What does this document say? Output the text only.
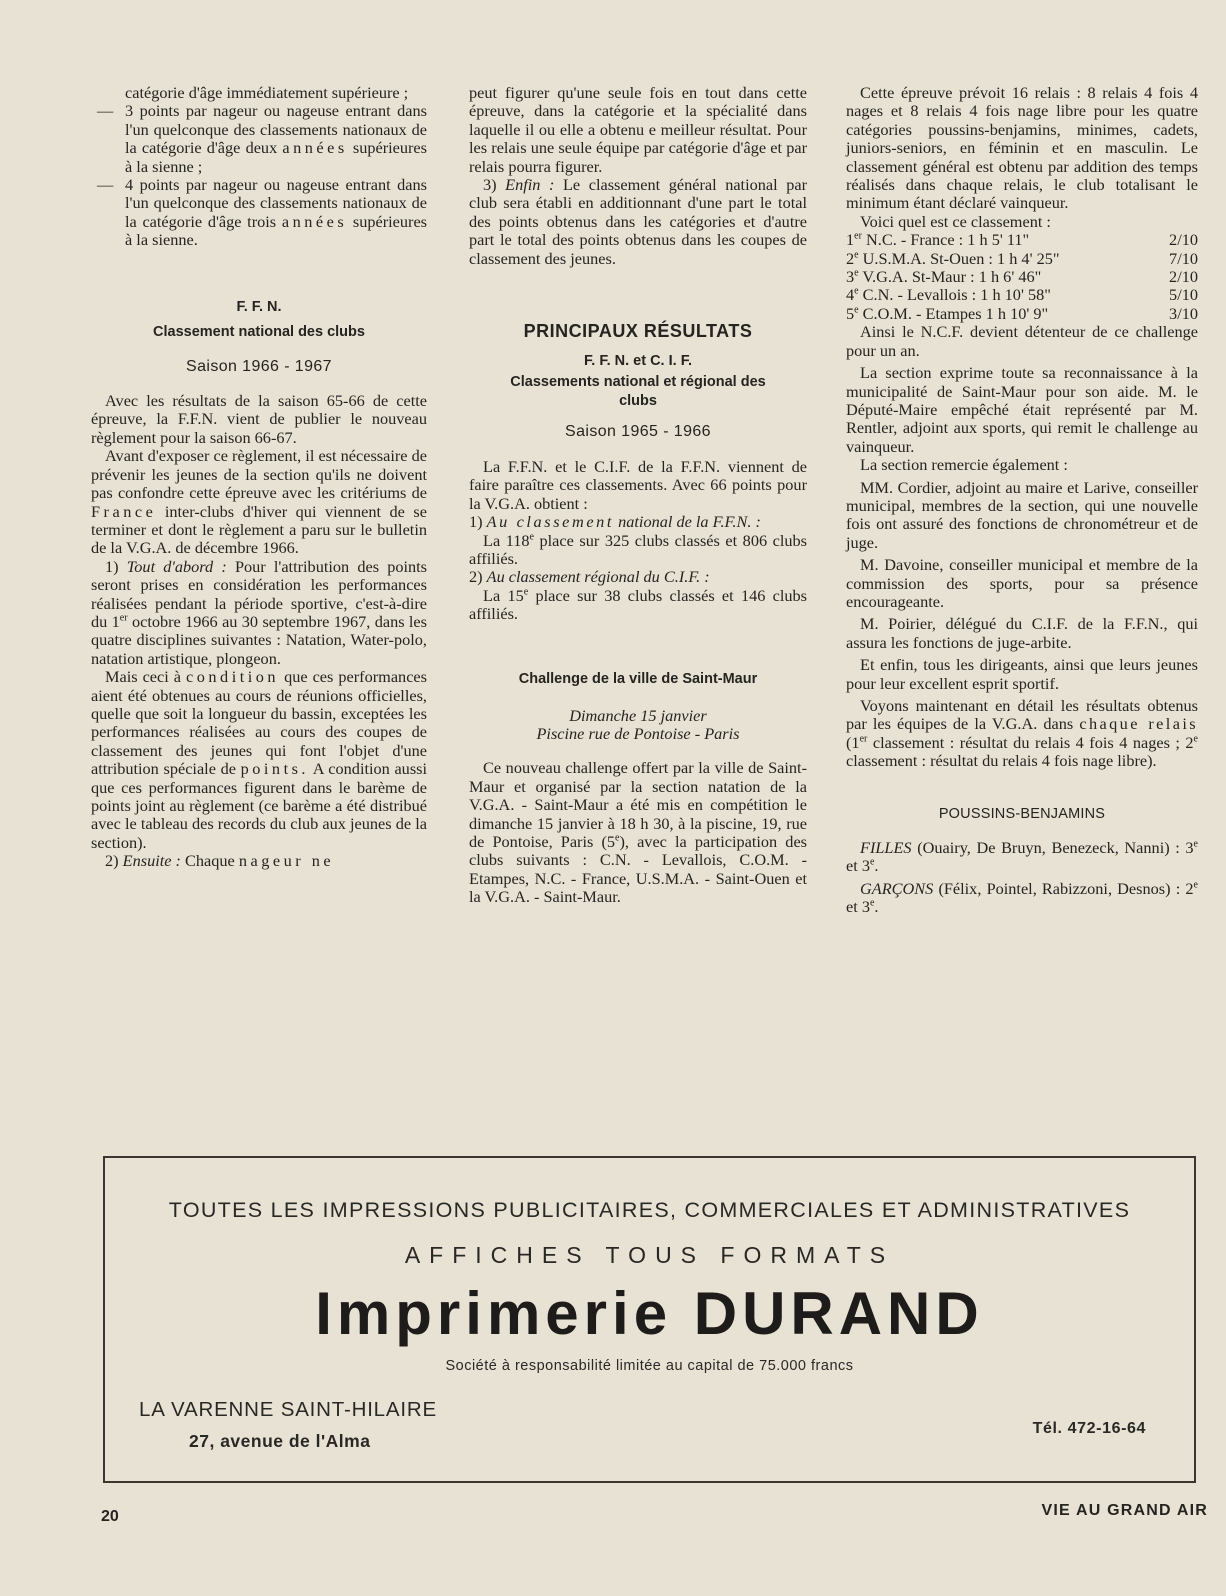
catégorie d'âge immédiatement supérieure ;

— 3 points par nageur ou nageuse entrant dans l'un quelconque des classements nationaux de la catégorie d'âge deux années supérieures à la sienne ;

— 4 points par nageur ou nageuse entrant dans l'un quelconque des classements nationaux de la catégorie d'âge trois années supérieures à la sienne.

F. F. N.
Classement national des clubs
Saison 1966 - 1967

Avec les résultats de la saison 65-66 de cette épreuve, la F.F.N. vient de publier le nouveau règlement pour la saison 66-67.

Avant d'exposer ce règlement, il est nécessaire de prévenir les jeunes de la section qu'ils ne doivent pas confondre cette épreuve avec les critériums de France inter-clubs d'hiver qui viennent de se terminer et dont le règlement a paru sur le bulletin de la V.G.A. de décembre 1966.

1) Tout d'abord : Pour l'attribution des points seront prises en considération les performances réalisées pendant la période sportive, c'est-à-dire du 1er octobre 1966 au 30 septembre 1967, dans les quatre disciplines suivantes : Natation, Water-polo, natation artistique, plongeon.

Mais ceci à condition que ces performances aient été obtenues au cours de réunions officielles, quelle que soit la longueur du bassin, exceptées les performances réalisées au cours des coupes de classement des jeunes qui font l'objet d'une attribution spéciale de points. A condition aussi que ces performances figurent dans le barème de points joint au règlement (ce barème a été distribué avec le tableau des records du club aux jeunes de la section).

2) Ensuite : Chaque nageur ne

peut figurer qu'une seule fois en tout dans cette épreuve, dans la catégorie et la spécialité dans laquelle il ou elle a obtenu e meilleur résultat. Pour les relais une seule équipe par catégorie d'âge et par relais pourra figurer.

3) Enfin : Le classement général national par club sera établi en additionnant d'une part le total des points obtenus dans les catégories et d'autre part le total des points obtenus dans les coupes de classement des jeunes.

PRINCIPAUX RÉSULTATS
F. F. N. et C. I. F.
Classements national et régional des clubs
Saison 1965 - 1966

La F.F.N. et le C.I.F. de la F.F.N. viennent de faire paraître ces classements. Avec 66 points pour la V.G.A. obtient :

1) Au classement national de la F.F.N. :

La 118e place sur 325 clubs classés et 806 clubs affiliés.

2) Au classement régional du C.I.F. :

La 15e place sur 38 clubs classés et 146 clubs affiliés.

Challenge de la ville de Saint-Maur
Dimanche 15 janvier
Piscine rue de Pontoise - Paris

Ce nouveau challenge offert par la ville de Saint-Maur et organisé par la section natation de la V.G.A. - Saint-Maur a été mis en compétition le dimanche 15 janvier à 18 h 30, à la piscine, 19, rue de Pontoise, Paris (5e), avec la participation des clubs suivants : C.N. - Levallois, C.O.M. - Etampes, N.C. - France, U.S.M.A. - Saint-Ouen et la V.G.A. - Saint-Maur.

Cette épreuve prévoit 16 relais : 8 relais 4 fois 4 nages et 8 relais 4 fois nage libre pour les quatre catégories poussins-benjamins, minimes, cadets, juniors-seniors, en féminin et en masculin. Le classement général est obtenu par addition des temps réalisés dans chaque relais, le club totalisant le minimum étant déclaré vainqueur.

Voici quel est ce classement :

1er N.C. - France : 1 h 5' 11"	2/10
2e U.S.M.A. St-Ouen : 1 h 4' 25"	7/10
3e V.G.A. St-Maur : 1 h 6' 46"	2/10
4e C.N. - Levallois : 1 h 10' 58"	5/10
5e C.O.M. - Etampes 1 h 10' 9"	3/10

Ainsi le N.C.F. devient détenteur de ce challenge pour un an.

La section exprime toute sa reconnaissance à la municipalité de Saint-Maur pour son aide. M. le Député-Maire empêché était représenté par M. Rentler, adjoint aux sports, qui remit le challenge au vainqueur.

La section remercie également :

MM. Cordier, adjoint au maire et Larive, conseiller municipal, membres de la section, qui une nouvelle fois ont assuré des fonctions de chronométreur et de juge.

M. Davoine, conseiller municipal et membre de la commission des sports, pour sa présence encourageante.

M. Poirier, délégué du C.I.F. de la F.F.N., qui assura les fonctions de juge-arbite.

Et enfin, tous les dirigeants, ainsi que leurs jeunes pour leur excellent esprit sportif.

Voyons maintenant en détail les résultats obtenus par les équipes de la V.G.A. dans chaque relais (1er classement : résultat du relais 4 fois 4 nages ; 2e classement : résultat du relais 4 fois nage libre).

POUSSINS-BENJAMINS

FILLES (Ouairy, De Bruyn, Benezeck, Nanni) : 3e et 3e.

GARÇONS (Félix, Pointel, Rabizzoni, Desnos) : 2e et 3e.

TOUTES LES IMPRESSIONS PUBLICITAIRES, COMMERCIALES ET ADMINISTRATIVES
AFFICHES TOUS FORMATS
Imprimerie DURAND
Société à responsabilité limitée au capital de 75.000 francs
LA VARENNE SAINT-HILAIRE
27, avenue de l'Alma
Tél. 472-16-64
20	VIE AU GRAND AIR
